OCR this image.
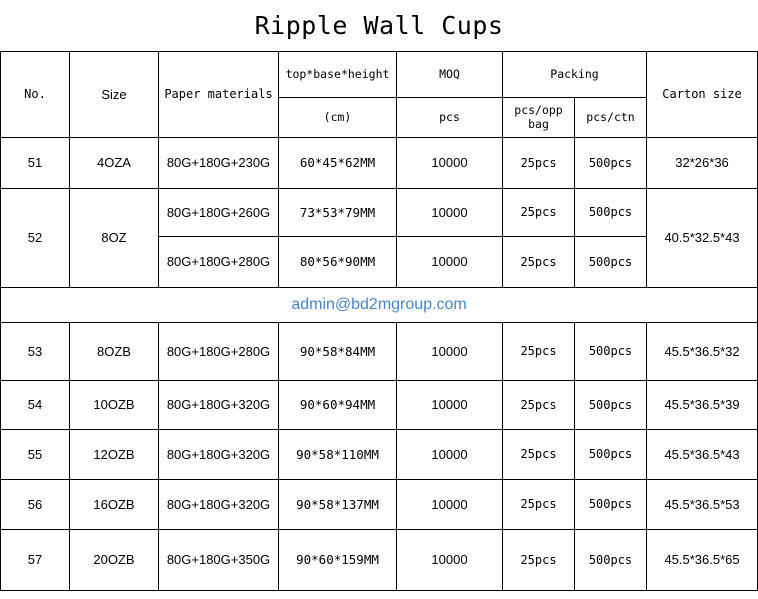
Ripple Wall Cups							
No.	Size	Paper materials	top*base*height	MOQ	Packing		Carton size
			(cm)	pcs	pcs/opp bag	pcs/ctn	
51	4OZA	80G+180G+230G	60*45*62MM	10000	25pcs	500pcs	32*26*36
52	8OZ	80G+180G+260G	73*53*79MM	10000	25pcs	500pcs	40.5*32.5*43
		80G+180G+280G	80*56*90MM	10000	25pcs	500pcs	
admin@bd2mgroup.com							
53	8OZB	80G+180G+280G	90*58*84MM	10000	25pcs	500pcs	45.5*36.5*32
54	10OZB	80G+180G+320G	90*60*94MM	10000	25pcs	500pcs	45.5*36.5*39
55	12OZB	80G+180G+320G	90*58*110MM	10000	25pcs	500pcs	45.5*36.5*43
56	16OZB	80G+180G+320G	90*58*137MM	10000	25pcs	500pcs	45.5*36.5*53
57	20OZB	80G+180G+350G	90*60*159MM	10000	25pcs	500pcs	45.5*36.5*65
